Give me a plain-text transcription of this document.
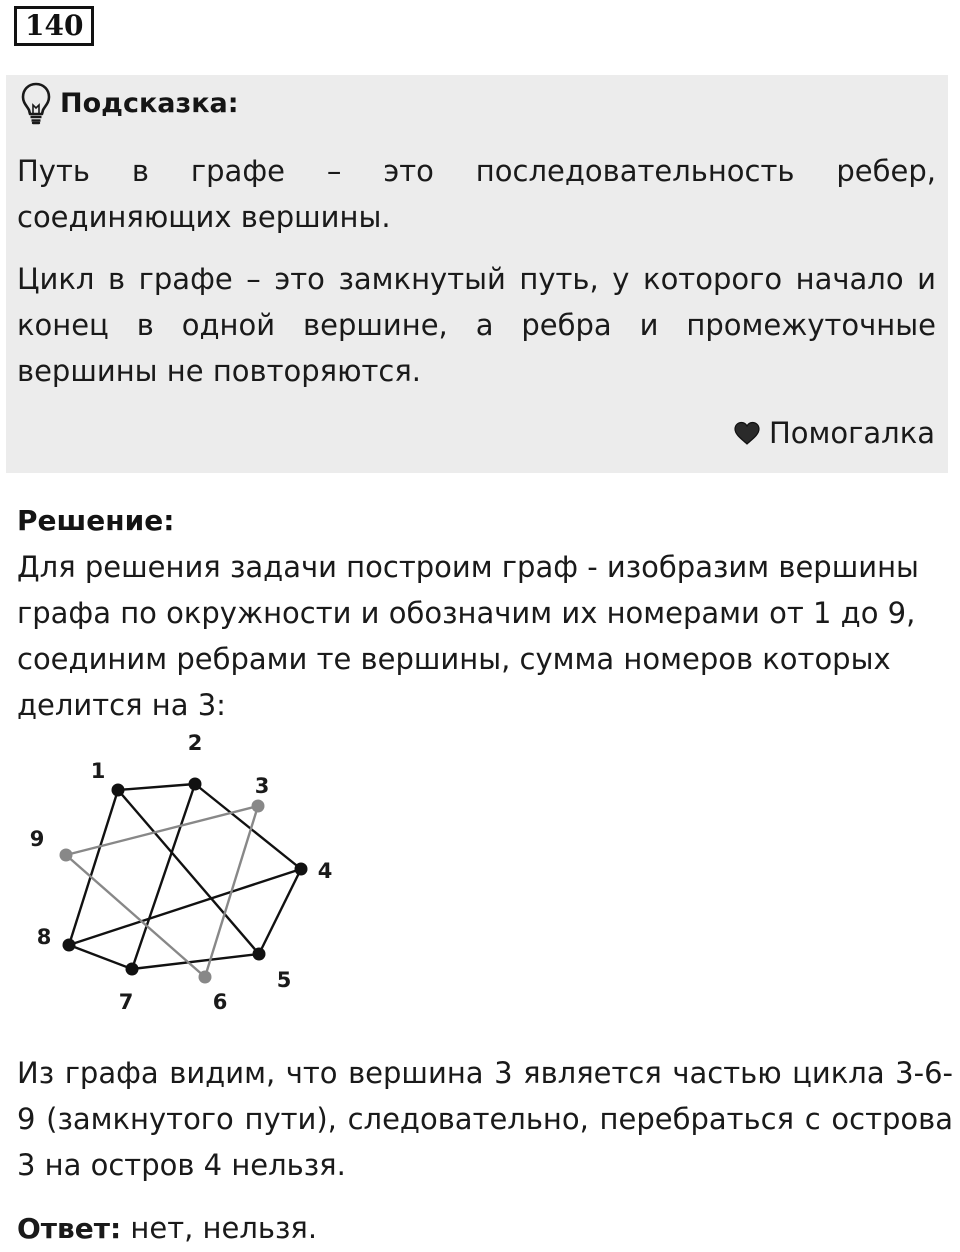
140
Подсказка:

Путь в графе – это последовательность ребер, соединяющих вершины.

Цикл в графе – это замкнутый путь, у которого начало и конец в одной вершине, а ребра и промежуточные вершины не повторяются.

Помогалка
Решение:

Для решения задачи построим граф - изобразим вершины графа по окружности и обозначим их номерами от 1 до 9, соединим ребрами те вершины, сумма номеров которых делится на 3:

1
2
3
4
5
6
7
8
9

Из графа видим, что вершина 3 является частью цикла 3-6-9 (замкнутого пути), следовательно, перебраться с острова 3 на остров 4 нельзя.

Ответ: нет, нельзя.
